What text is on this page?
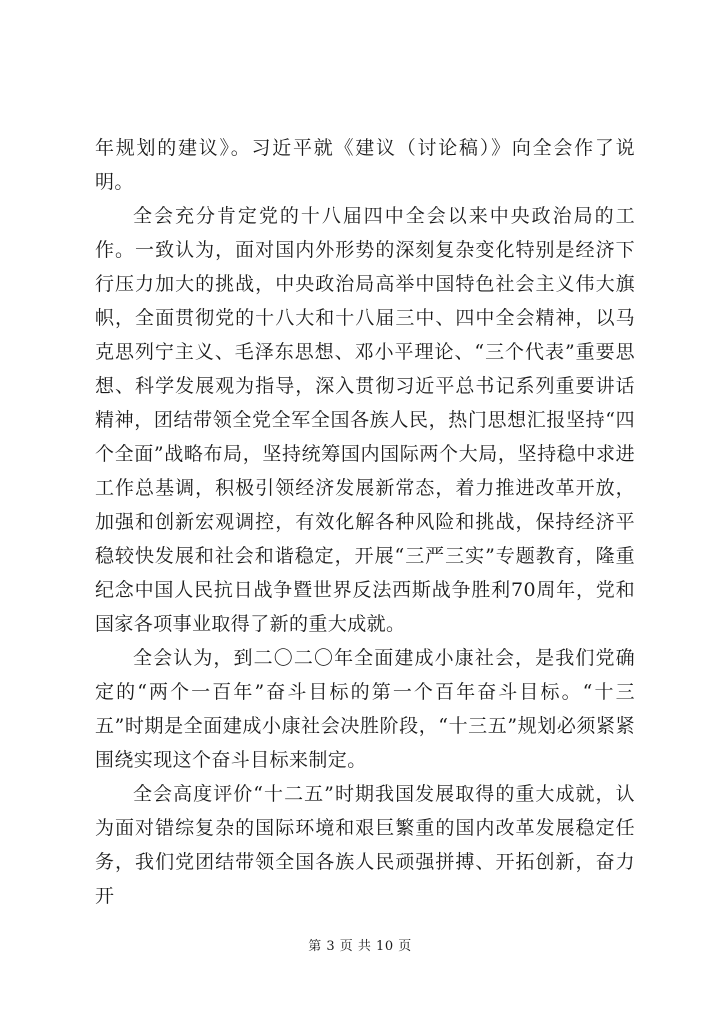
年规划的建议》。习近平就《建议（讨论稿）》向全会作了说明。

全会充分肯定党的十八届四中全会以来中央政治局的工作。一致认为，面对国内外形势的深刻复杂变化特别是经济下行压力加大的挑战，中央政治局高举中国特色社会主义伟大旗帜，全面贯彻党的十八大和十八届三中、四中全会精神，以马克思列宁主义、毛泽东思想、邓小平理论、“三个代表”重要思想、科学发展观为指导，深入贯彻习近平总书记系列重要讲话精神，团结带领全党全军全国各族人民，热门思想汇报坚持“四个全面”战略布局，坚持统筹国内国际两个大局，坚持稳中求进工作总基调，积极引领经济发展新常态，着力推进改革开放，加强和创新宏观调控，有效化解各种风险和挑战，保持经济平稳较快发展和社会和谐稳定，开展“三严三实”专题教育，隆重纪念中国人民抗日战争暨世界反法西斯战争胜利70周年，党和国家各项事业取得了新的重大成就。

全会认为，到二〇二〇年全面建成小康社会，是我们党确定的“两个一百年”奋斗目标的第一个百年奋斗目标。“十三五”时期是全面建成小康社会决胜阶段，“十三五”规划必须紧紧围绕实现这个奋斗目标来制定。

全会高度评价“十二五”时期我国发展取得的重大成就，认为面对错综复杂的国际环境和艰巨繁重的国内改革发展稳定任务，我们党团结带领全国各族人民顽强拼搏、开拓创新，奋力开

第 3 页 共 10 页
